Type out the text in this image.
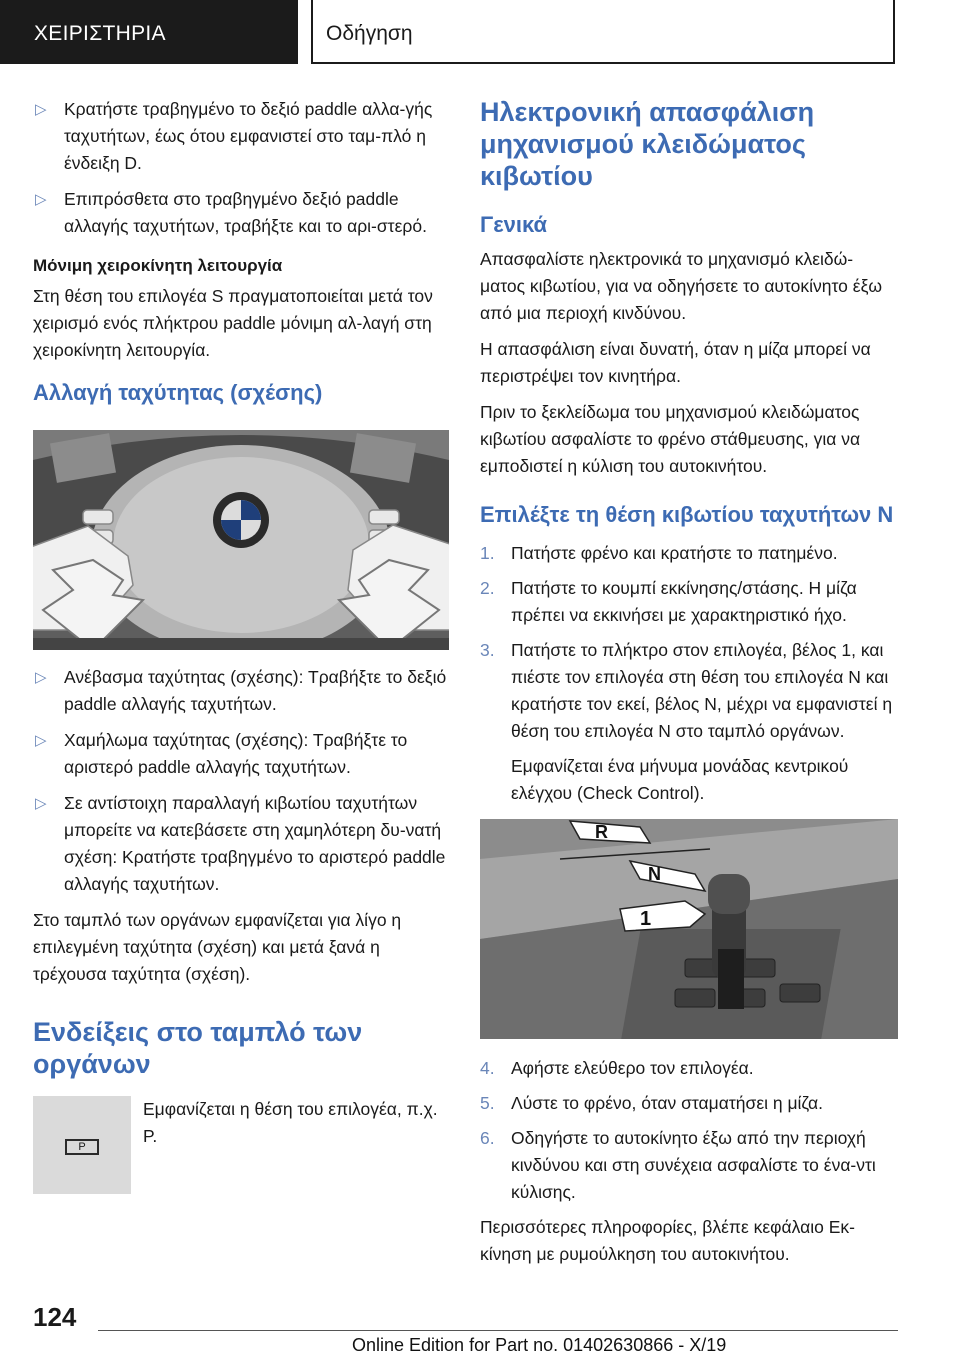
ΧΕΙΡΙΣΤΗΡΙΑ	Οδήγηση
▷ Κρατήστε τραβηγμένο το δεξιό paddle αλλα-γής ταχυτήτων, έως ότου εμφανιστεί στο ταμ-πλό η ένδειξη D.
▷ Επιπρόσθετα στο τραβηγμένο δεξιό paddle αλλαγής ταχυτήτων, τραβήξτε και το αρι-στερό.
Μόνιμη χειροκίνητη λειτουργία

Στη θέση του επιλογέα S πραγματοποιείται μετά τον χειρισμό ενός πλήκτρου paddle μόνιμη αλ-λαγή στη χειροκίνητη λειτουργία.

Αλλαγή ταχύτητας (σχέσης)
▷ Ανέβασμα ταχύτητας (σχέσης): Τραβήξτε το δεξιό paddle αλλαγής ταχυτήτων.
▷ Χαμήλωμα ταχύτητας (σχέσης): Τραβήξτε το αριστερό paddle αλλαγής ταχυτήτων.
▷ Σε αντίστοιχη παραλλαγή κιβωτίου ταχυτήτων μπορείτε να κατεβάσετε στη χαμηλότερη δυ-νατή σχέση: Κρατήστε τραβηγμένο το αριστερό paddle αλλαγής ταχυτήτων.

Στο ταμπλό των οργάνων εμφανίζεται για λίγο η επιλεγμένη ταχύτητα (σχέση) και μετά ξανά η τρέχουσα ταχύτητα (σχέση).

Ενδείξεις στο ταμπλό των οργάνων
P
Εμφανίζεται η θέση του επιλογέα, π.χ. P.
Ηλεκτρονική απασφάλιση μηχανισμού κλειδώματος κιβωτίου
Γενικά

Απασφαλίστε ηλεκτρονικά το μηχανισμό κλειδώ-ματος κιβωτίου, για να οδηγήσετε το αυτοκίνητο έξω από μια περιοχή κινδύνου.

Η απασφάλιση είναι δυνατή, όταν η μίζα μπορεί να περιστρέψει τον κινητήρα.

Πριν το ξεκλείδωμα του μηχανισμού κλειδώματος κιβωτίου ασφαλίστε το φρένο στάθμευσης, για να εμποδιστεί η κύλιση του αυτοκινήτου.

Επιλέξτε τη θέση κιβωτίου ταχυτήτων N
1. Πατήστε φρένο και κρατήστε το πατημένο.
2. Πατήστε το κουμπί εκκίνησης/στάσης. Η μίζα πρέπει να εκκινήσει με χαρακτηριστικό ήχο.
3. Πατήστε το πλήκτρο στον επιλογέα, βέλος 1, και πιέστε τον επιλογέα στη θέση του επιλογέα N και κρατήστε τον εκεί, βέλος N, μέχρι να εμφανιστεί η θέση του επιλογέα N στο ταμπλό οργάνων.
Εμφανίζεται ένα μήνυμα μονάδας κεντρικού ελέγχου (Check Control).
R
N
1
4. Αφήστε ελεύθερο τον επιλογέα.
5. Λύστε το φρένο, όταν σταματήσει η μίζα.
6. Οδηγήστε το αυτοκίνητο έξω από την περιοχή κινδύνου και στη συνέχεια ασφαλίστε το ένα-ντι κύλισης.

Περισσότερες πληροφορίες, βλέπε κεφάλαιο Εκ-κίνηση με ρυμούλκηση του αυτοκινήτου.

124
Online Edition for Part no. 01402630866 - X/19
